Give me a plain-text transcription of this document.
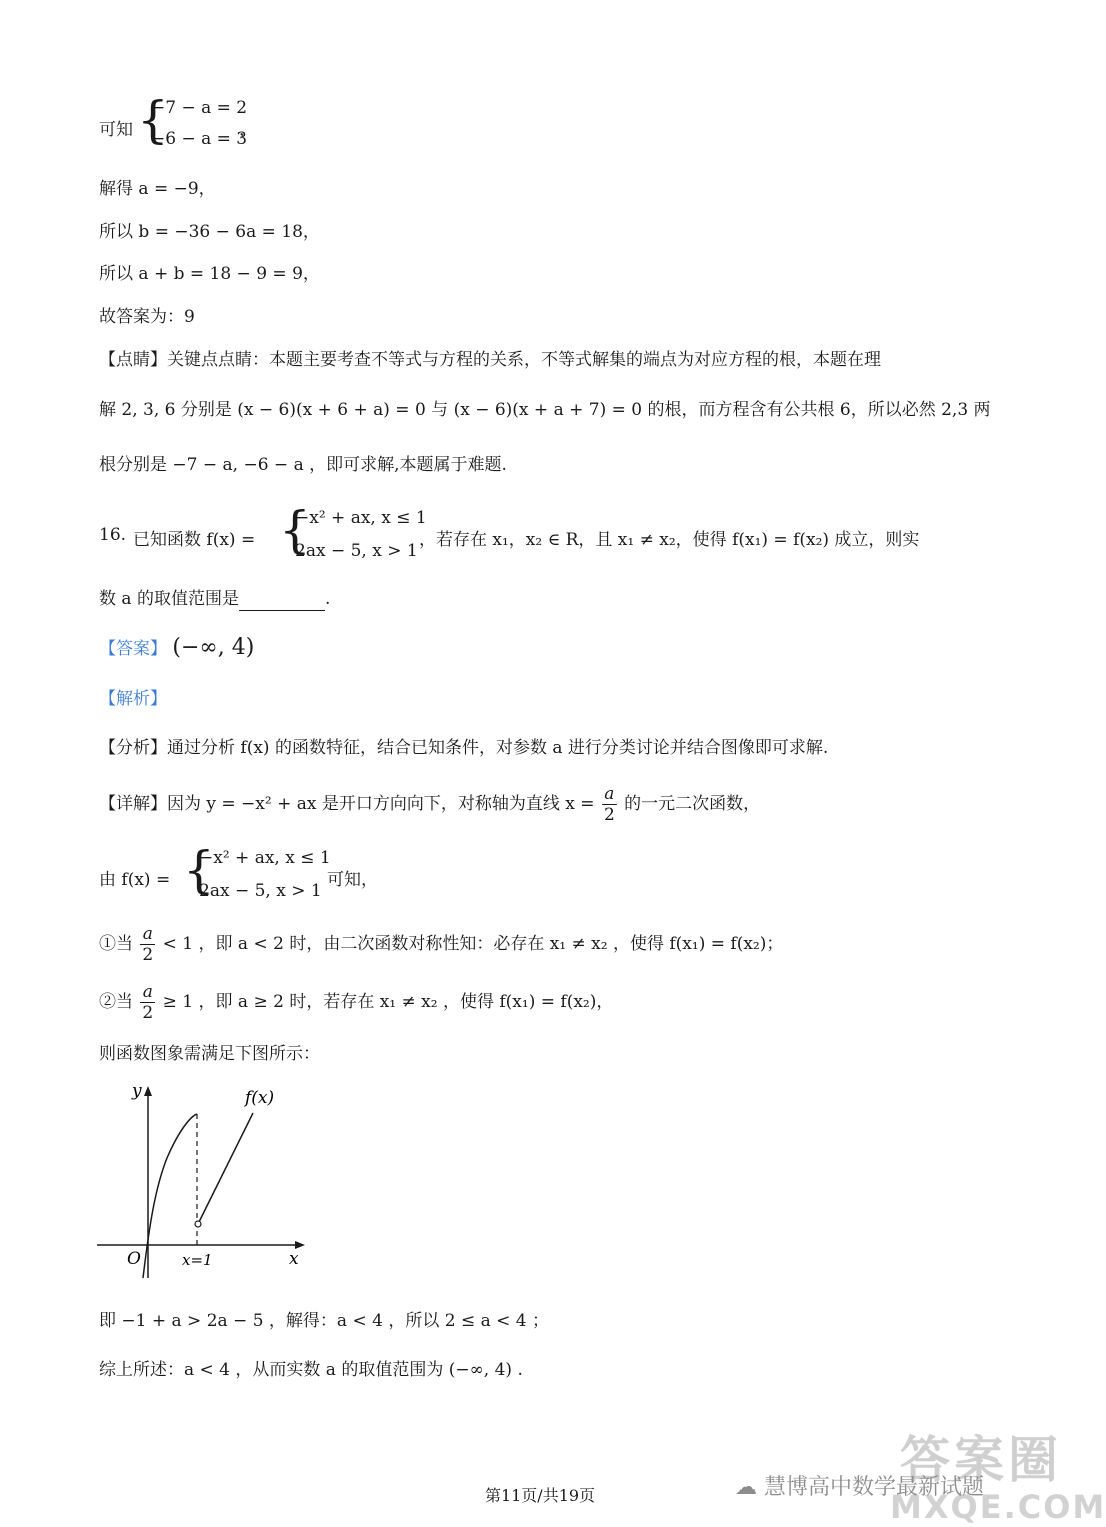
可知 {
−7 − a = 2
−6 − a = 3
，
解得 a = −9，
所以 b = −36 − 6a = 18，
所以 a + b = 18 − 9 = 9，
故答案为：9
【点睛】关键点点睛：本题主要考查不等式与方程的关系，不等式解集的端点为对应方程的根，本题在理
解 2, 3, 6 分别是 (x − 6)(x + 6 + a) = 0 与 (x − 6)(x + a + 7) = 0 的根，而方程含有公共根 6，所以必然 2,3 两
根分别是 −7 − a, −6 − a ，即可求解,本题属于难题.
16. 已知函数 f(x) = {
−x² + ax, x ≤ 1
2ax − 5, x > 1
，若存在 x₁，x₂ ∈ R，且 x₁ ≠ x₂，使得 f(x₁) = f(x₂) 成立，则实
数 a 的取值范围是	.
【答案】 (−∞, 4)
【解析】
【分析】通过分析 f(x) 的函数特征，结合已知条件，对参数 a 进行分类讨论并结合图像即可求解.
【详解】因为 y = −x² + ax 是开口方向向下，对称轴为直线 $x = \frac{a}{2}$ 的一元二次函数，
由 f(x) = {
−x² + ax, x ≤ 1
2ax − 5, x > 1
可知，
①当 $\frac{a}{2} < 1$ ，即 a < 2 时，由二次函数对称性知：必存在 x₁ ≠ x₂ ，使得 f(x₁) = f(x₂)；
②当 $\frac{a}{2} \ge 1$ ，即 a ≥ 2 时，若存在 x₁ ≠ x₂ ，使得 f(x₁) = f(x₂)，
则函数图象需满足下图所示：
y
x
O
f(x)
x=1
即 −1 + a > 2a − 5 ，解得：a < 4 ，所以 2 ≤ a < 4 ；
综上所述：a < 4 ，从而实数 a 的取值范围为 (−∞, 4) .
答案圈
MXQE.COM
☁ 慧博高中数学最新试题
第11页/共19页
